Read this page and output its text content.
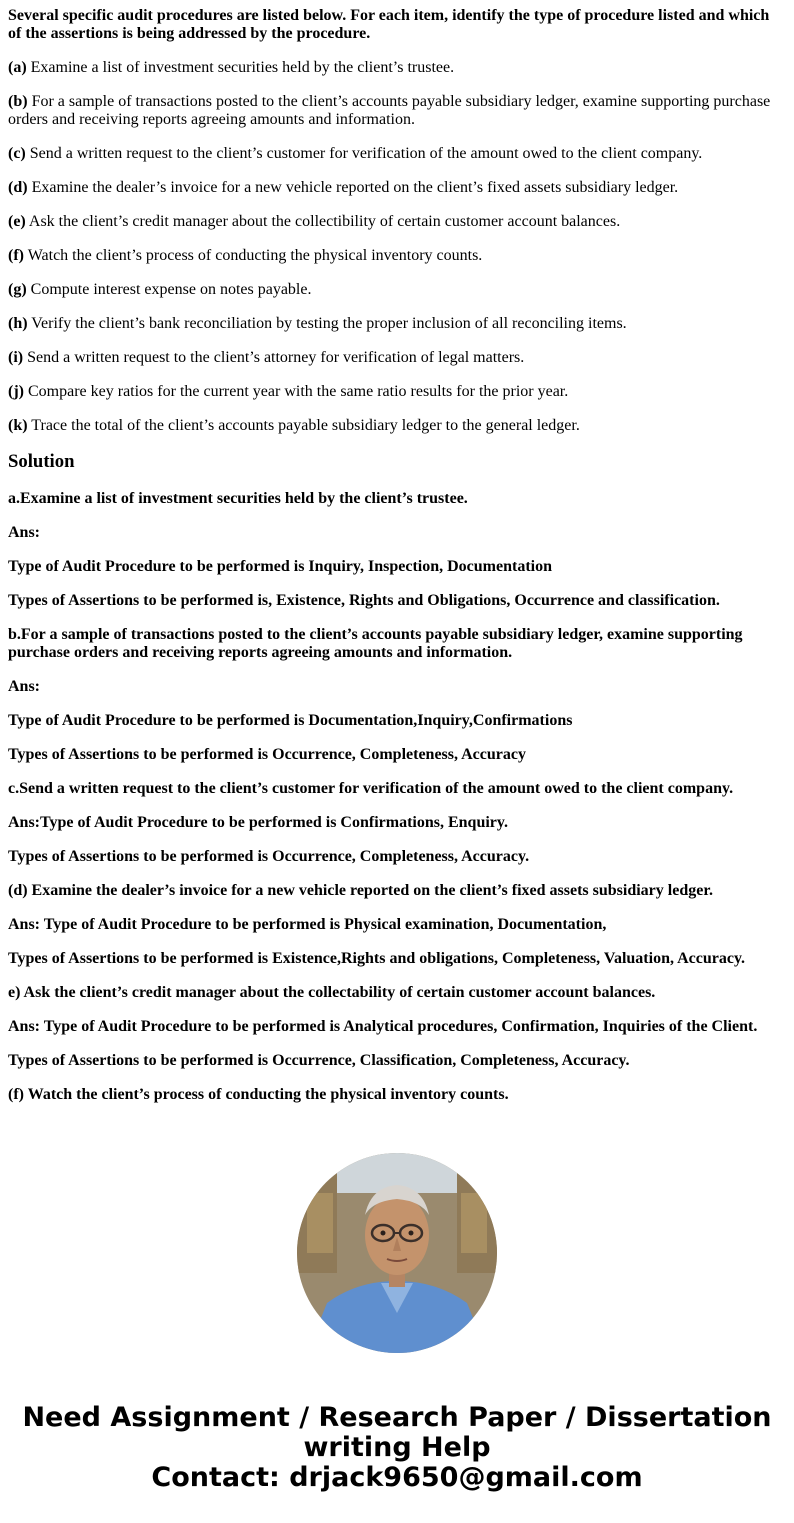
Several specific audit procedures are listed below. For each item, identify the type of procedure listed and which of the assertions is being addressed by the procedure.

(a) Examine a list of investment securities held by the client’s trustee.

(b) For a sample of transactions posted to the client’s accounts payable subsidiary ledger, examine supporting purchase orders and receiving reports agreeing amounts and information.

(c) Send a written request to the client’s customer for verification of the amount owed to the client company.

(d) Examine the dealer’s invoice for a new vehicle reported on the client’s fixed assets subsidiary ledger.

(e) Ask the client’s credit manager about the collectibility of certain customer account balances.

(f) Watch the client’s process of conducting the physical inventory counts.

(g) Compute interest expense on notes payable.

(h) Verify the client’s bank reconciliation by testing the proper inclusion of all reconciling items.

(i) Send a written request to the client’s attorney for verification of legal matters.

(j) Compare key ratios for the current year with the same ratio results for the prior year.

(k) Trace the total of the client’s accounts payable subsidiary ledger to the general ledger.

Solution

a.Examine a list of investment securities held by the client’s trustee.

Ans:

Type of Audit Procedure to be performed is Inquiry, Inspection, Documentation

Types of Assertions to be performed is, Existence, Rights and Obligations, Occurrence and classification.

b.For a sample of transactions posted to the client’s accounts payable subsidiary ledger, examine supporting purchase orders and receiving reports agreeing amounts and information.

Ans:

Type of Audit Procedure to be performed is Documentation,Inquiry,Confirmations

Types of Assertions to be performed is Occurrence, Completeness, Accuracy

c.Send a written request to the client’s customer for verification of the amount owed to the client company.

Ans:Type of Audit Procedure to be performed is Confirmations, Enquiry.

Types of Assertions to be performed is Occurrence, Completeness, Accuracy.

(d) Examine the dealer’s invoice for a new vehicle reported on the client’s fixed assets subsidiary ledger.

Ans: Type of Audit Procedure to be performed is Physical examination, Documentation,

Types of Assertions to be performed is Existence,Rights and obligations, Completeness, Valuation, Accuracy.

e) Ask the client’s credit manager about the collectability of certain customer account balances.

Ans: Type of Audit Procedure to be performed is Analytical procedures, Confirmation, Inquiries of the Client.

Types of Assertions to be performed is Occurrence, Classification, Completeness, Accuracy.

(f) Watch the client’s process of conducting the physical inventory counts.

Need Assignment / Research Paper / Dissertation
writing Help
Contact: drjack9650@gmail.com
